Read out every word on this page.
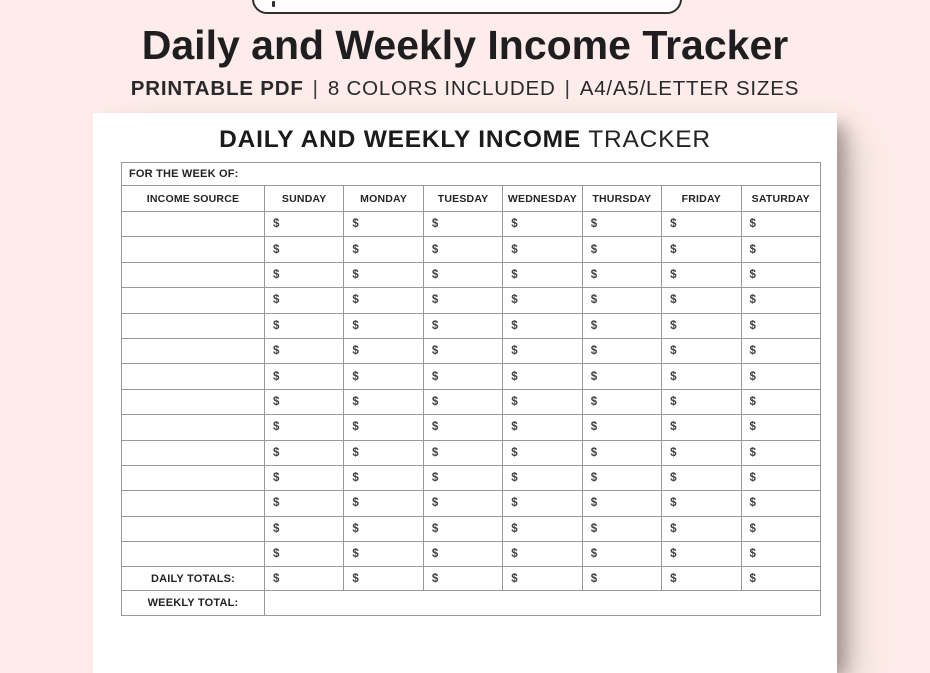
Daily and Weekly Income Tracker
PRINTABLE PDF | 8 COLORS INCLUDED | A4/A5/LETTER SIZES
DAILY AND WEEKLY INCOME TRACKER
FOR THE WEEK OF:							
INCOME SOURCE	SUNDAY	MONDAY	TUESDAY	WEDNESDAY	THURSDAY	FRIDAY	SATURDAY
	$	$	$	$	$	$	$
	$	$	$	$	$	$	$
	$	$	$	$	$	$	$
	$	$	$	$	$	$	$
	$	$	$	$	$	$	$
	$	$	$	$	$	$	$
	$	$	$	$	$	$	$
	$	$	$	$	$	$	$
	$	$	$	$	$	$	$
	$	$	$	$	$	$	$
	$	$	$	$	$	$	$
	$	$	$	$	$	$	$
	$	$	$	$	$	$	$
	$	$	$	$	$	$	$
DAILY TOTALS:	$	$	$	$	$	$	$
WEEKLY TOTAL:							
